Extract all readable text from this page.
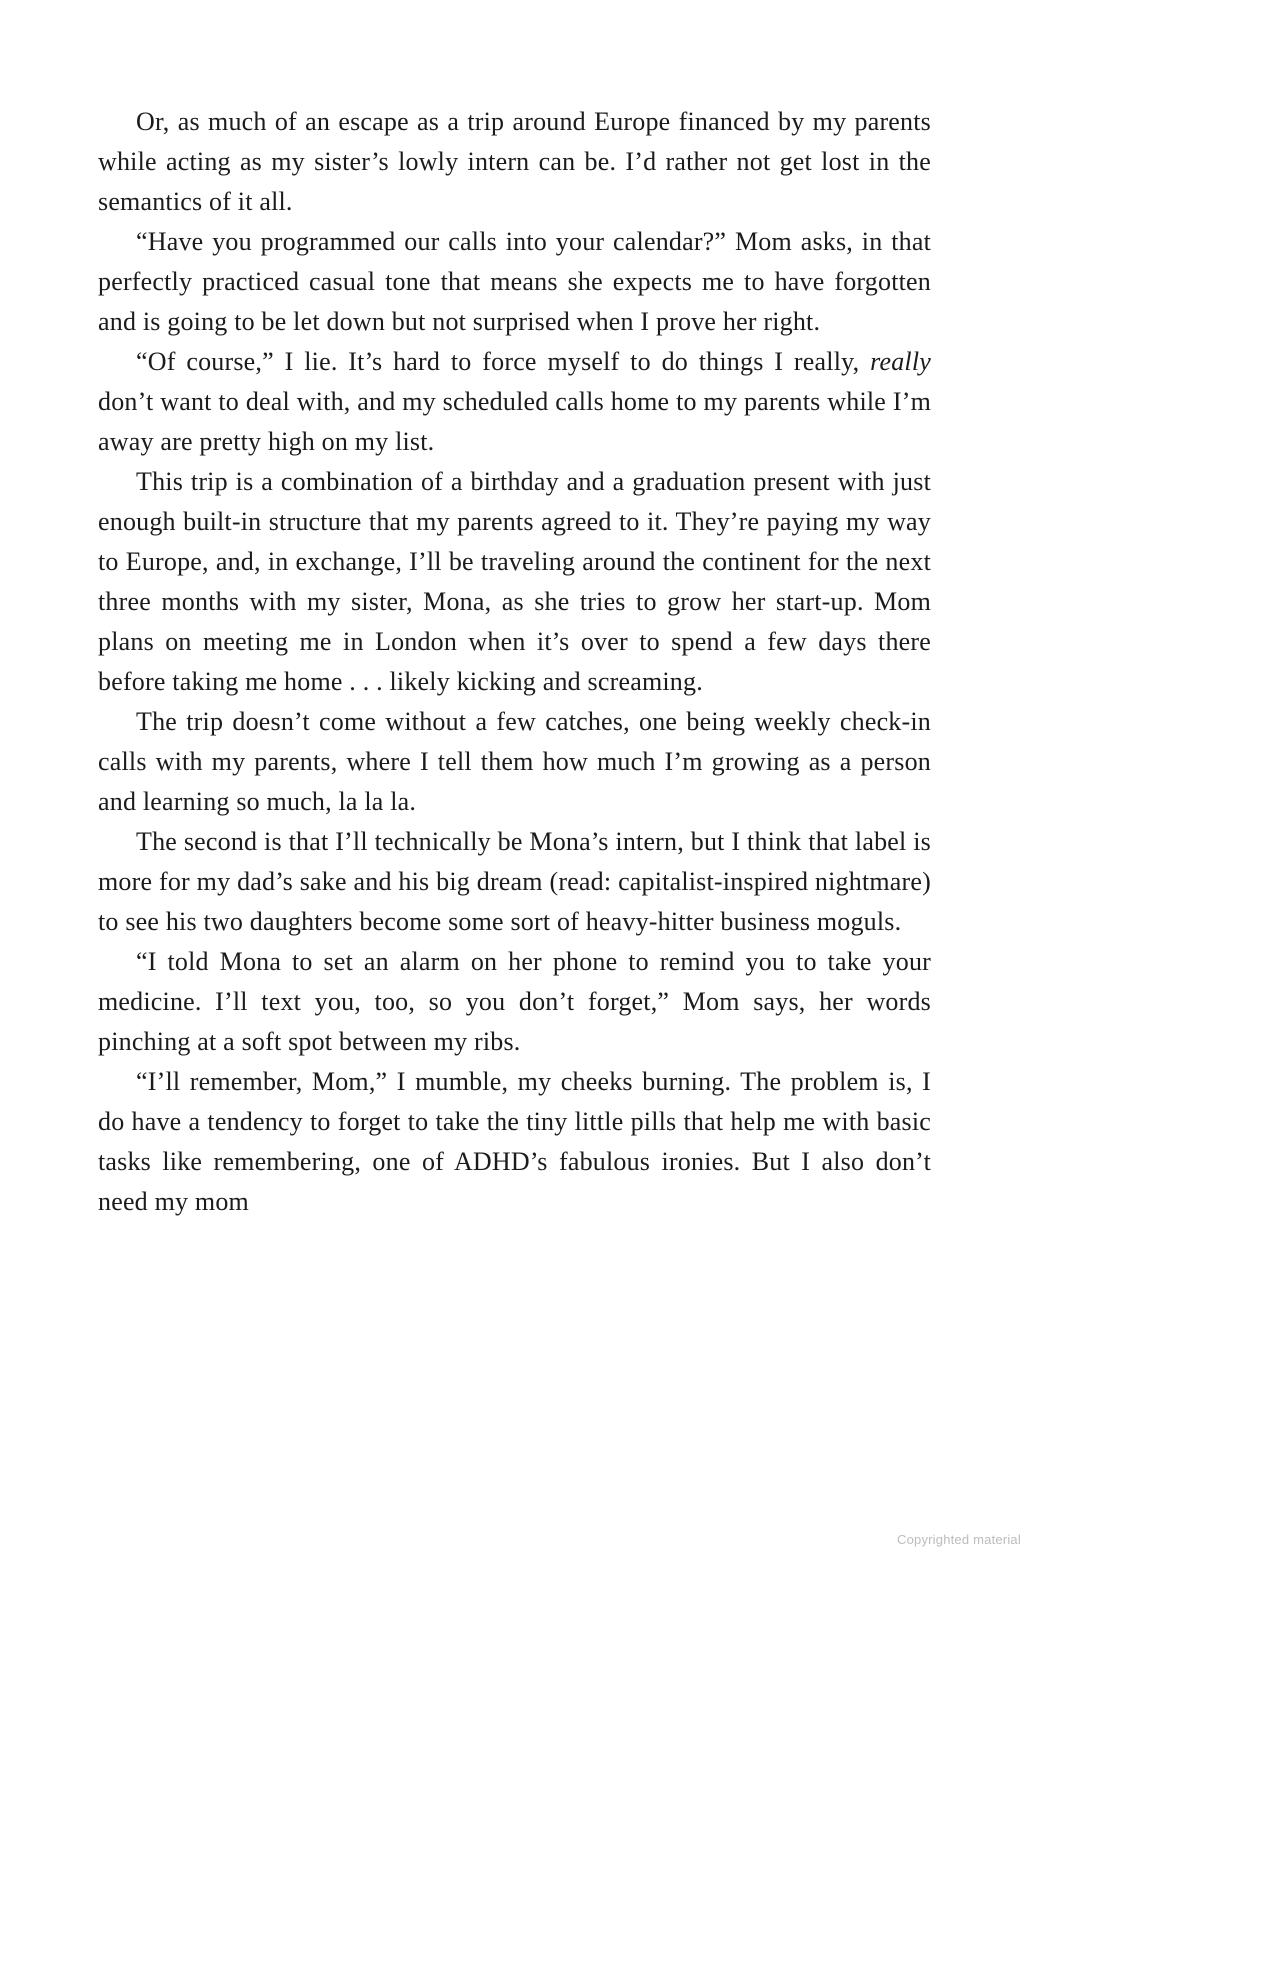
Or, as much of an escape as a trip around Europe financed by my parents while acting as my sister’s lowly intern can be. I’d rather not get lost in the semantics of it all.

“Have you programmed our calls into your calendar?” Mom asks, in that perfectly practiced casual tone that means she expects me to have forgotten and is going to be let down but not surprised when I prove her right.

“Of course,” I lie. It’s hard to force myself to do things I really, really don’t want to deal with, and my scheduled calls home to my parents while I’m away are pretty high on my list.

This trip is a combination of a birthday and a graduation present with just enough built-in structure that my parents agreed to it. They’re paying my way to Europe, and, in exchange, I’ll be traveling around the continent for the next three months with my sister, Mona, as she tries to grow her start-up. Mom plans on meeting me in London when it’s over to spend a few days there before taking me home . . . likely kicking and screaming.

The trip doesn’t come without a few catches, one being weekly check-in calls with my parents, where I tell them how much I’m growing as a person and learning so much, la la la.

The second is that I’ll technically be Mona’s intern, but I think that label is more for my dad’s sake and his big dream (read: capitalist-inspired nightmare) to see his two daughters become some sort of heavy-hitter business moguls.

“I told Mona to set an alarm on her phone to remind you to take your medicine. I’ll text you, too, so you don’t forget,” Mom says, her words pinching at a soft spot between my ribs.

“I’ll remember, Mom,” I mumble, my cheeks burning. The problem is, I do have a tendency to forget to take the tiny little pills that help me with basic tasks like remembering, one of ADHD’s fabulous ironies. But I also don’t need my mom

Copyrighted material
